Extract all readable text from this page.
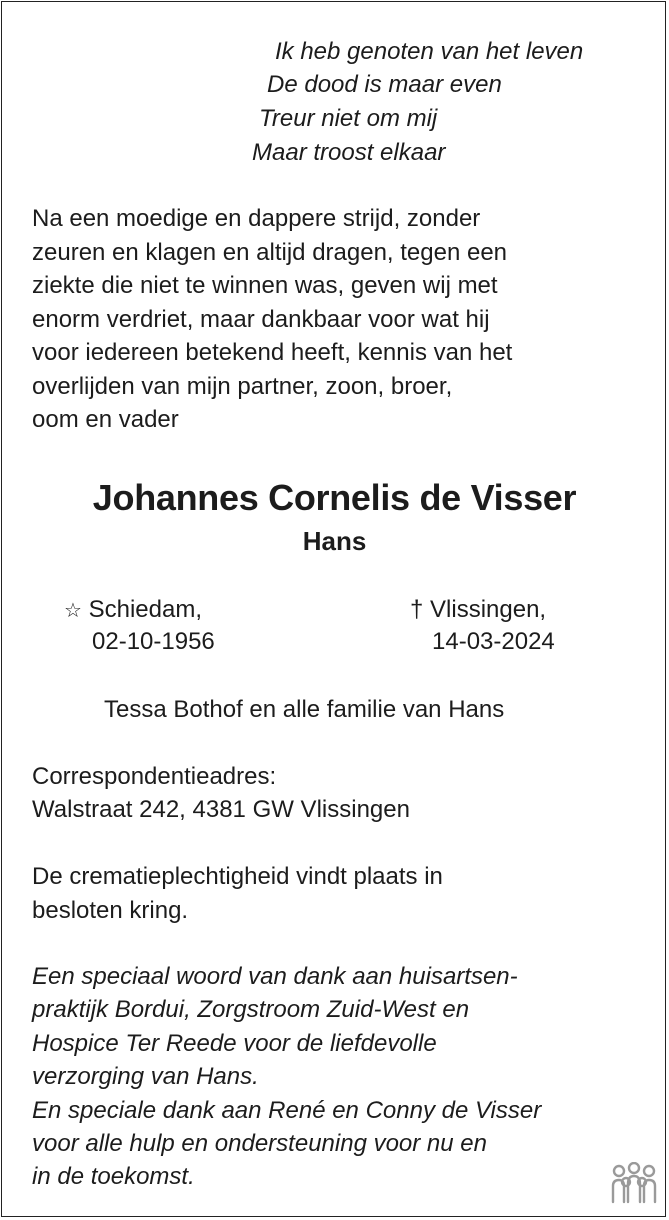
Ik heb genoten van het leven
De dood is maar even
Treur niet om mij
Maar troost elkaar
Na een moedige en dappere strijd, zonder
zeuren en klagen en altijd dragen, tegen een
ziekte die niet te winnen was, geven wij met
enorm verdriet, maar dankbaar voor wat hij
voor iedereen betekend heeft, kennis van het
overlijden van mijn partner, zoon, broer,
oom en vader
Johannes Cornelis de Visser
Hans
☆ Schiedam,
02-10-1956
† Vlissingen,
14-03-2024
Tessa Bothof en alle familie van Hans
Correspondentieadres:
Walstraat 242, 4381 GW Vlissingen
De crematieplechtigheid vindt plaats in
besloten kring.
Een speciaal woord van dank aan huisartsen-
praktijk Bordui, Zorgstroom Zuid-West en
Hospice Ter Reede voor de liefdevolle
verzorging van Hans.
En speciale dank aan René en Conny de Visser
voor alle hulp en ondersteuning voor nu en
in de toekomst.
